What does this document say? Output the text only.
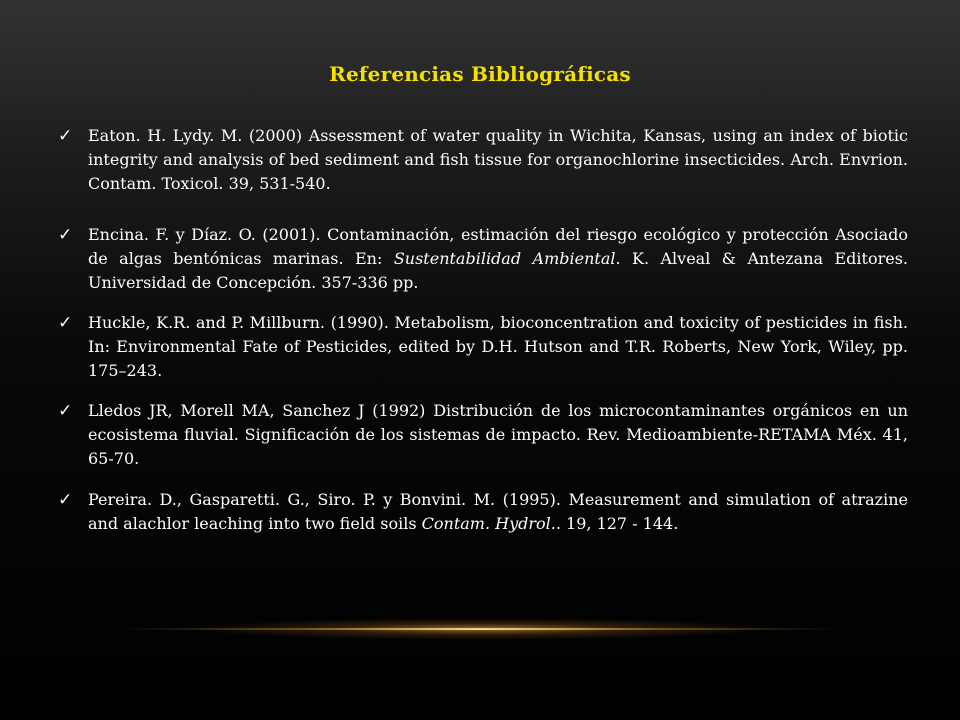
Referencias Bibliográficas
✓ Eaton. H. Lydy. M. (2000) Assessment of water quality in Wichita, Kansas, using an index of biotic integrity and analysis of bed sediment and fish tissue for organochlorine insecticides. Arch. Envrion. Contam. Toxicol. 39, 531-540.
✓ Encina. F. y Díaz. O. (2001). Contaminación, estimación del riesgo ecológico y protección Asociado de algas bentónicas marinas. En: Sustentabilidad Ambiental. K. Alveal & Antezana Editores. Universidad de Concepción. 357-336 pp.
✓ Huckle, K.R. and P. Millburn. (1990). Metabolism, bioconcentration and toxicity of pesticides in fish. In: Environmental Fate of Pesticides, edited by D.H. Hutson and T.R. Roberts, New York, Wiley, pp. 175–243.
✓ Lledos JR, Morell MA, Sanchez J (1992) Distribución de los microcontaminantes orgánicos en un ecosistema fluvial. Significación de los sistemas de impacto. Rev. Medioambiente-RETAMA Méx. 41, 65-70.
✓ Pereira. D., Gasparetti. G., Siro. P. y Bonvini. M. (1995). Measurement and simulation of atrazine and alachlor leaching into two field soils Contam. Hydrol.. 19, 127 - 144.
